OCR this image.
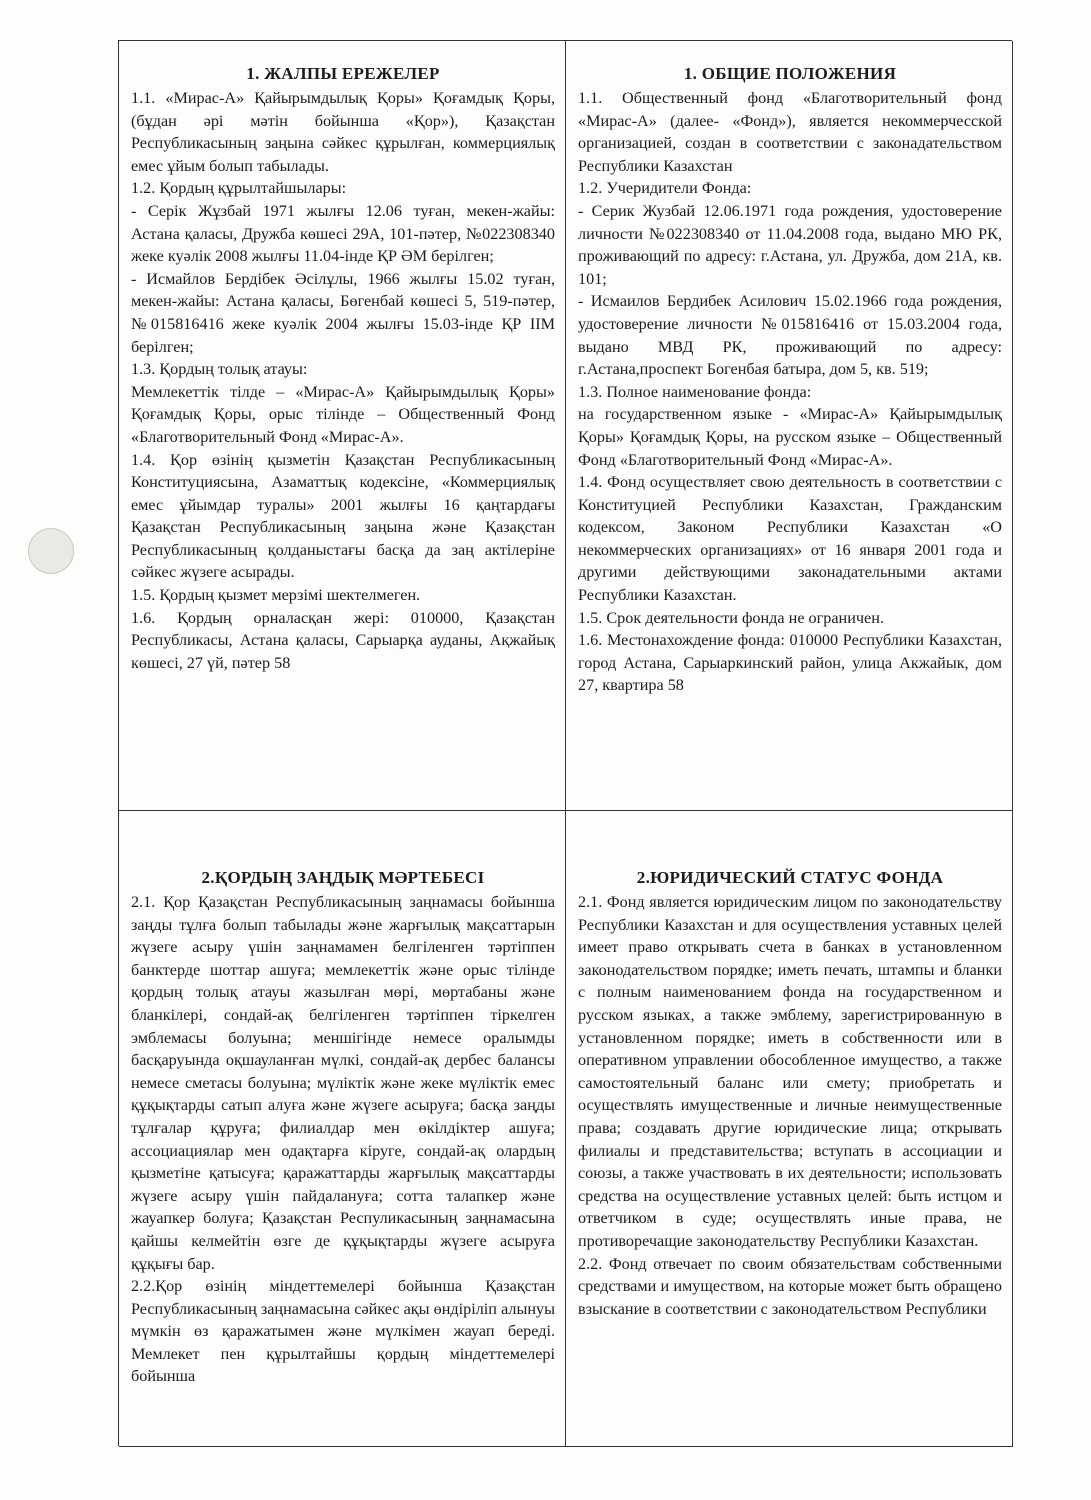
1. ЖАЛПЫ ЕРЕЖЕЛЕР

1.1. «Мирас-А» Қайырымдылық Қоры» Қоғамдық Қоры, (бұдан әрі мәтін бойынша «Қор»), Қазақстан Республикасының заңына сәйкес құрылған, коммерциялық емес ұйым болып табылады.

1.2. Қордың құрылтайшылары:

- Серік Жұзбай 1971 жылғы 12.06 туған, мекен-жайы: Астана қаласы, Дружба көшесі 29А, 101-пәтер, №022308340 жеке куәлік 2008 жылғы 11.04-інде ҚР ӘМ берілген;

- Исмайлов Бердібек Әсілұлы, 1966 жылғы 15.02 туған, мекен-жайы: Астана қаласы, Бөгенбай көшесі 5, 519-пәтер, №015816416 жеке куәлік 2004 жылғы 15.03-інде ҚР ІІМ берілген;

1.3. Қордың толық атауы:

Мемлекеттік тілде – «Мирас-А» Қайырымдылық Қоры» Қоғамдық Қоры, орыс тілінде – Общественный Фонд «Благотворительный Фонд «Мирас-А».

1.4. Қор өзінің қызметін Қазақстан Республикасының Конституциясына, Азаматтық кодексіне, «Коммерциялық емес ұйымдар туралы» 2001 жылғы 16 қаңтардағы Қазақстан Республикасының заңына және Қазақстан Республикасының қолданыстағы басқа да заң актілеріне сәйкес жүзеге асырады.

1.5. Қордың қызмет мерзімі шектелмеген.

1.6. Қордың орналасқан жері: 010000, Қазақстан Республикасы, Астана қаласы, Сарыарқа ауданы, Ақжайық көшесі, 27 үй, пәтер 58

1. ОБЩИЕ ПОЛОЖЕНИЯ

1.1. Общественный фонд «Благотворительный фонд «Мирас-А» (далее- «Фонд»), является некоммерчесской организацией, создан в соответствии с законадательством Республики Казахстан

1.2. Учеридители Фонда:

- Серик Жузбай 12.06.1971 года рождения, удостоверение личности №022308340 от 11.04.2008 года, выдано МЮ РК, проживающий по адресу: г.Астана, ул. Дружба, дом 21А, кв. 101;

- Исмаилов Бердибек Асилович 15.02.1966 года рождения, удостоверение личности №015816416 от 15.03.2004 года, выдано МВД РК, проживающий по адресу: г.Астана,проспект Богенбая батыра, дом 5, кв. 519;

1.3. Полное наименование фонда:

на государственном языке - «Мирас-А» Қайырымдылық Қоры» Қоғамдық Қоры, на русском языке – Общественный Фонд «Благотворительный Фонд «Мирас-А».

1.4. Фонд осуществляет свою деятельность в соответствии с Конституцией Республики Казахстан, Гражданским кодексом, Законом Республики Казахстан «О некоммерческих организациях» от 16 января 2001 года и другими действующими законадательными актами Республики Казахстан.

1.5. Срок деятельности фонда не ограничен.

1.6. Местонахождение фонда: 010000 Республики Казахстан, город Астана, Сарыаркинский район, улица Акжайык, дом 27, квартира 58

2.ҚОРДЫҢ ЗАҢДЫҚ МӘРТЕБЕСІ

2.1. Қор Қазақстан Республикасының заңнамасы бойынша заңды тұлға болып табылады және жарғылық мақсаттарын жүзеге асыру үшін заңнамамен белгіленген тәртіппен банктерде шоттар ашуға; мемлекеттік және орыс тілінде қордың толық атауы жазылған мөрі, мөртабаны және бланкілері, сондай-ақ белгіленген тәртіппен тіркелген эмблемасы болуына; меншігінде немесе оралымды басқаруында оқшауланған мүлкі, сондай-ақ дербес балансы немесе сметасы болуына; мүліктік және жеке мүліктік емес құқықтарды сатып алуға және жүзеге асыруға; басқа заңды тұлғалар құруға; филиалдар мен өкілдіктер ашуға; ассоциациялар мен одақтарға кіруге, сондай-ақ олардың қызметіне қатысуға; қаражаттарды жарғылық мақсаттарды жүзеге асыру үшін пайдалануға; сотта талапкер және жауапкер болуға; Қазақстан Респуликасының заңнамасына қайшы келмейтін өзге де құқықтарды жүзеге асыруға құқығы бар.

2.2.Қор өзінің міндеттемелері бойынша Қазақстан Республикасының заңнамасына сәйкес ақы өндіріліп алынуы мүмкін өз қаражатымен және мүлкімен жауап береді. Мемлекет пен құрылтайшы қордың міндеттемелері бойынша

2.ЮРИДИЧЕСКИЙ СТАТУС ФОНДА

2.1. Фонд является юридическим лицом по законодательству Республики Казахстан и для осуществления уставных целей имеет право открывать счета в банках в установленном законодательством порядке; иметь печать, штампы и бланки с полным наименованием фонда на государственном и русском языках, а также эмблему, зарегистрированную в установленном порядке; иметь в собственности или в оперативном управлении обособленное имущество, а также самостоятельный баланс или смету; приобретать и осуществлять имущественные и личные неимущественные права; создавать другие юридические лица; открывать филиалы и представительства; вступать в ассоциации и союзы, а также участвовать в их деятельности; использовать средства на осуществление уставных целей: быть истцом и ответчиком в суде; осуществлять иные права, не противоречащие законодательству Республики Казахстан.

2.2. Фонд отвечает по своим обязательствам собственными средствами и имуществом, на которые может быть обращено взыскание в соответствии с законодательством Республики
